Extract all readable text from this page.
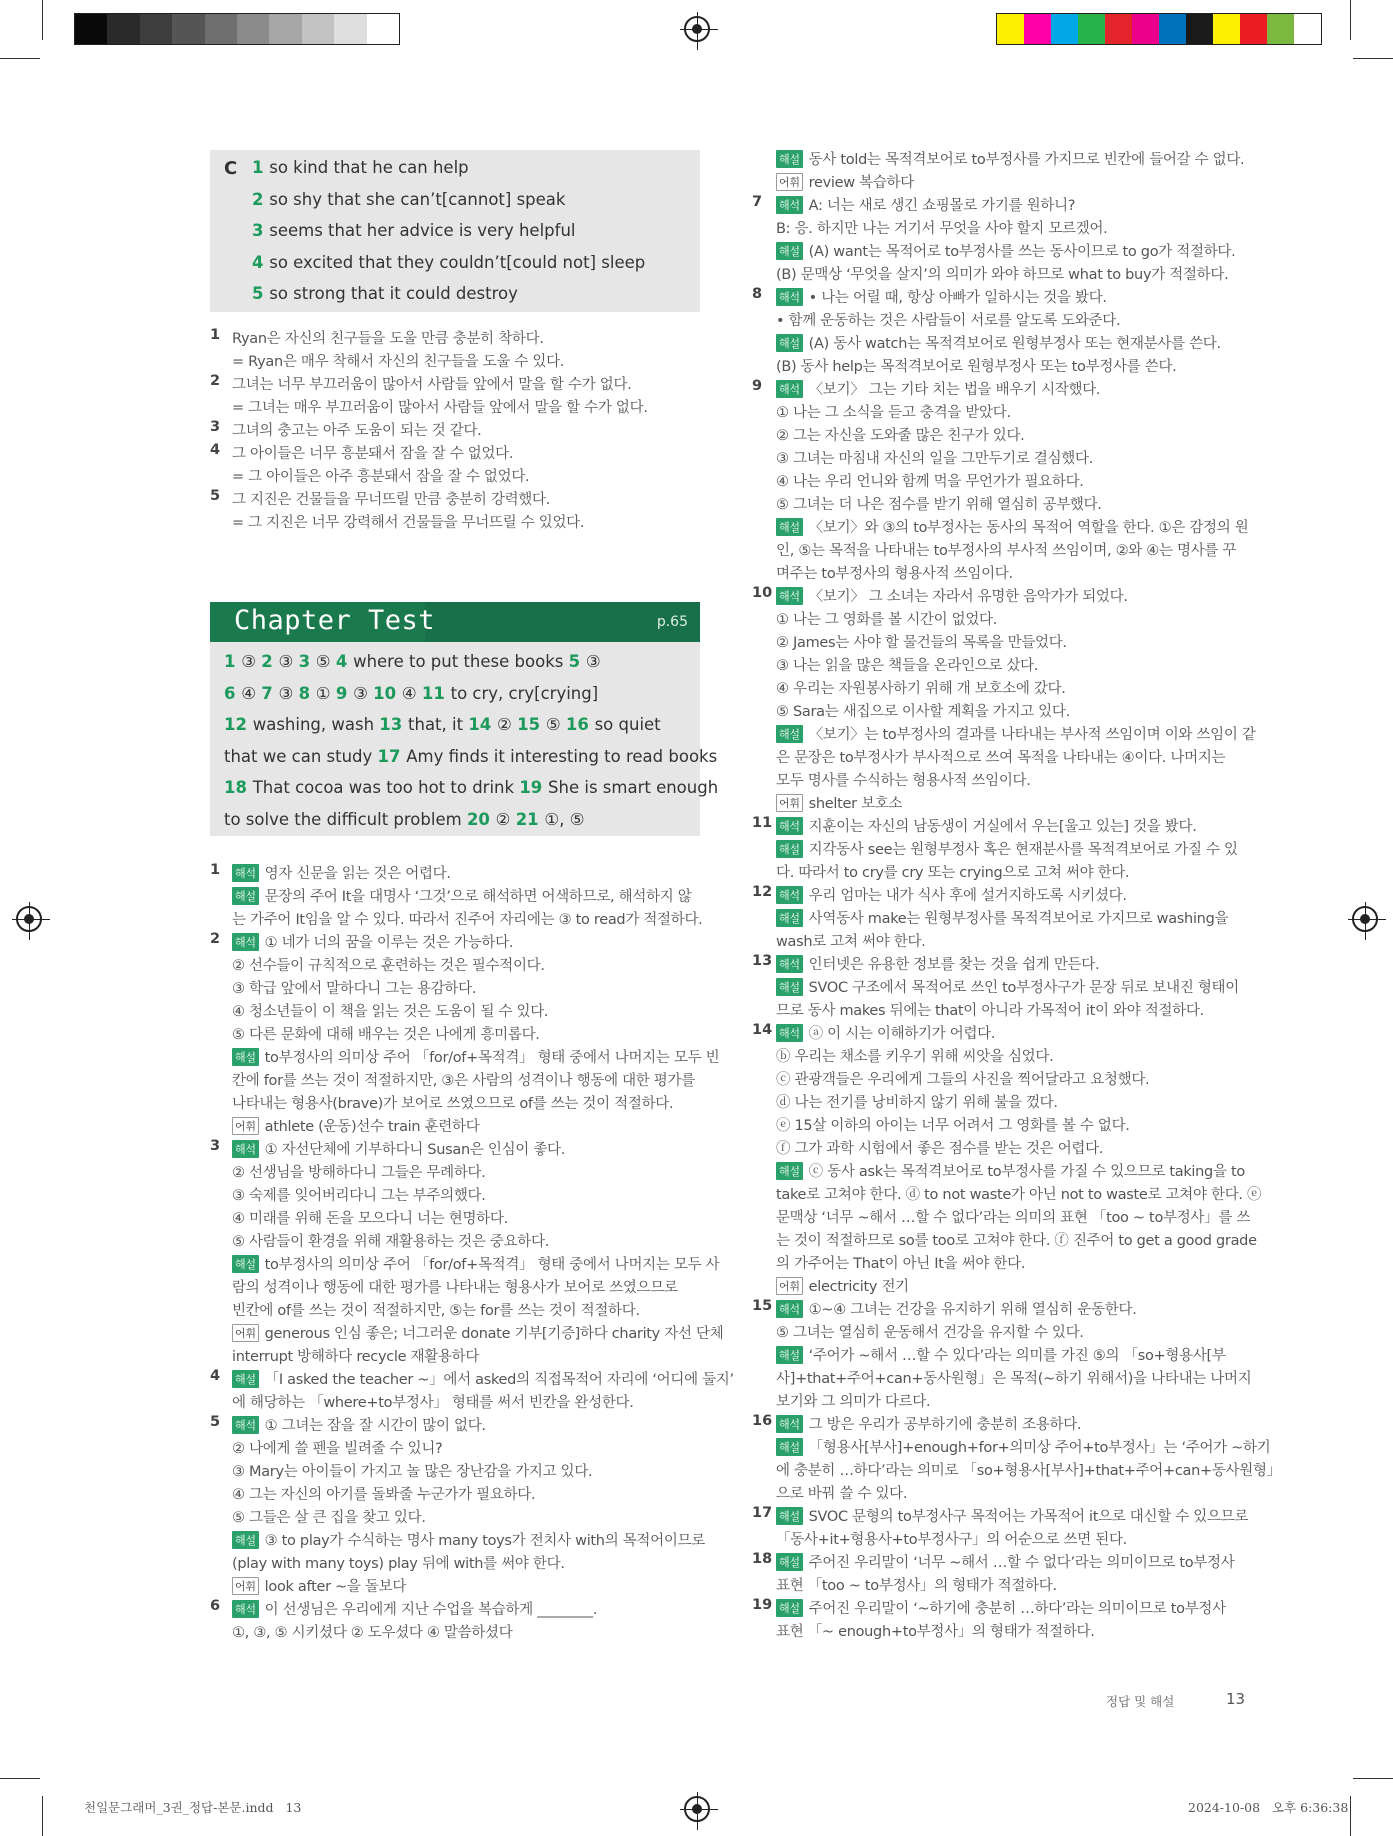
C 1 so kind that he can help
2 so shy that she can’t[cannot] speak
3 seems that her advice is very helpful
4 so excited that they couldn’t[could not] sleep
5 so strong that it could destroy
1 Ryan은 자신의 친구들을 도울 만큼 충분히 착하다.
= Ryan은 매우 착해서 자신의 친구들을 도울 수 있다.
2 그녀는 너무 부끄러움이 많아서 사람들 앞에서 말을 할 수가 없다.
= 그녀는 매우 부끄러움이 많아서 사람들 앞에서 말을 할 수가 없다.
3 그녀의 충고는 아주 도움이 되는 것 같다.
4 그 아이들은 너무 흥분돼서 잠을 잘 수 없었다.
= 그 아이들은 아주 흥분돼서 잠을 잘 수 없었다.
5 그 지진은 건물들을 무너뜨릴 만큼 충분히 강력했다.
= 그 지진은 너무 강력해서 건물들을 무너뜨릴 수 있었다.
Chapter Test	p.65
1 ③ 2 ③ 3 ⑤ 4 where to put these books 5 ③
6 ④ 7 ③ 8 ① 9 ③ 10 ④ 11 to cry, cry[crying]
12 washing, wash 13 that, it 14 ② 15 ⑤ 16 so quiet
that we can study 17 Amy finds it interesting to read books
18 That cocoa was too hot to drink 19 She is smart enough
to solve the difficult problem 20 ② 21 ①, ⑤
1 해석 영자 신문을 읽는 것은 어렵다.
해설 문장의 주어 It을 대명사 ‘그것’으로 해석하면 어색하므로, 해석하지 않
는 가주어 It임을 알 수 있다. 따라서 진주어 자리에는 ③ to read가 적절하다.
2 해석 ① 네가 너의 꿈을 이루는 것은 가능하다.
② 선수들이 규칙적으로 훈련하는 것은 필수적이다.
③ 학급 앞에서 말하다니 그는 용감하다.
④ 청소년들이 이 책을 읽는 것은 도움이 될 수 있다.
⑤ 다른 문화에 대해 배우는 것은 나에게 흥미롭다.
해설 to부정사의 의미상 주어 「for/of+목적격」 형태 중에서 나머지는 모두 빈
칸에 for를 쓰는 것이 적절하지만, ③은 사람의 성격이나 행동에 대한 평가를
나타내는 형용사(brave)가 보어로 쓰였으므로 of를 쓰는 것이 적절하다.
어휘 athlete (운동)선수 train 훈련하다
3 해석 ① 자선단체에 기부하다니 Susan은 인심이 좋다.
② 선생님을 방해하다니 그들은 무례하다.
③ 숙제를 잊어버리다니 그는 부주의했다.
④ 미래를 위해 돈을 모으다니 너는 현명하다.
⑤ 사람들이 환경을 위해 재활용하는 것은 중요하다.
해설 to부정사의 의미상 주어 「for/of+목적격」 형태 중에서 나머지는 모두 사
람의 성격이나 행동에 대한 평가를 나타내는 형용사가 보어로 쓰였으므로
빈칸에 of를 쓰는 것이 적절하지만, ⑤는 for를 쓰는 것이 적절하다.
어휘 generous 인심 좋은; 너그러운 donate 기부[기증]하다 charity 자선 단체
interrupt 방해하다 recycle 재활용하다
4 해설 「I asked the teacher ~」에서 asked의 직접목적어 자리에 ‘어디에 둘지’
에 해당하는 「where+to부정사」 형태를 써서 빈칸을 완성한다.
5 해석 ① 그녀는 잠을 잘 시간이 많이 없다.
② 나에게 쓸 펜을 빌려줄 수 있니?
③ Mary는 아이들이 가지고 놀 많은 장난감을 가지고 있다.
④ 그는 자신의 아기를 돌봐줄 누군가가 필요하다.
⑤ 그들은 살 큰 집을 찾고 있다.
해설 ③ to play가 수식하는 명사 many toys가 전치사 with의 목적어이므로
(play with many toys) play 뒤에 with를 써야 한다.
어휘 look after ~을 돌보다
6 해석 이 선생님은 우리에게 지난 수업을 복습하게 ________.
①, ③, ⑤ 시키셨다 ② 도우셨다 ④ 말씀하셨다
해설 동사 told는 목적격보어로 to부정사를 가지므로 빈칸에 들어갈 수 없다.
어휘 review 복습하다
7 해석 A: 너는 새로 생긴 쇼핑몰로 가기를 원하니?
B: 응. 하지만 나는 거기서 무엇을 사야 할지 모르겠어.
해설 (A) want는 목적어로 to부정사를 쓰는 동사이므로 to go가 적절하다.
(B) 문맥상 ‘무엇을 살지’의 의미가 와야 하므로 what to buy가 적절하다.
8 해석 • 나는 어릴 때, 항상 아빠가 일하시는 것을 봤다.
• 함께 운동하는 것은 사람들이 서로를 알도록 도와준다.
해설 (A) 동사 watch는 목적격보어로 원형부정사 또는 현재분사를 쓴다.
(B) 동사 help는 목적격보어로 원형부정사 또는 to부정사를 쓴다.
9 해석 〈보기〉 그는 기타 치는 법을 배우기 시작했다.
① 나는 그 소식을 듣고 충격을 받았다.
② 그는 자신을 도와줄 많은 친구가 있다.
③ 그녀는 마침내 자신의 일을 그만두기로 결심했다.
④ 나는 우리 언니와 함께 먹을 무언가가 필요하다.
⑤ 그녀는 더 나은 점수를 받기 위해 열심히 공부했다.
해설 〈보기〉와 ③의 to부정사는 동사의 목적어 역할을 한다. ①은 감정의 원
인, ⑤는 목적을 나타내는 to부정사의 부사적 쓰임이며, ②와 ④는 명사를 꾸
며주는 to부정사의 형용사적 쓰임이다.
10 해석 〈보기〉 그 소녀는 자라서 유명한 음악가가 되었다.
① 나는 그 영화를 볼 시간이 없었다.
② James는 사야 할 물건들의 목록을 만들었다.
③ 나는 읽을 많은 책들을 온라인으로 샀다.
④ 우리는 자원봉사하기 위해 개 보호소에 갔다.
⑤ Sara는 새집으로 이사할 계획을 가지고 있다.
해설 〈보기〉는 to부정사의 결과를 나타내는 부사적 쓰임이며 이와 쓰임이 같
은 문장은 to부정사가 부사적으로 쓰여 목적을 나타내는 ④이다. 나머지는
모두 명사를 수식하는 형용사적 쓰임이다.
어휘 shelter 보호소
11 해석 지훈이는 자신의 남동생이 거실에서 우는[울고 있는] 것을 봤다.
해설 지각동사 see는 원형부정사 혹은 현재분사를 목적격보어로 가질 수 있
다. 따라서 to cry를 cry 또는 crying으로 고쳐 써야 한다.
12 해석 우리 엄마는 내가 식사 후에 설거지하도록 시키셨다.
해설 사역동사 make는 원형부정사를 목적격보어로 가지므로 washing을
wash로 고쳐 써야 한다.
13 해석 인터넷은 유용한 정보를 찾는 것을 쉽게 만든다.
해설 SVOC 구조에서 목적어로 쓰인 to부정사구가 문장 뒤로 보내진 형태이
므로 동사 makes 뒤에는 that이 아니라 가목적어 it이 와야 적절하다.
14 해석 ⓐ 이 시는 이해하기가 어렵다.
ⓑ 우리는 채소를 키우기 위해 씨앗을 심었다.
ⓒ 관광객들은 우리에게 그들의 사진을 찍어달라고 요청했다.
ⓓ 나는 전기를 낭비하지 않기 위해 불을 껐다.
ⓔ 15살 이하의 아이는 너무 어려서 그 영화를 볼 수 없다.
ⓕ 그가 과학 시험에서 좋은 점수를 받는 것은 어렵다.
해설 ⓒ 동사 ask는 목적격보어로 to부정사를 가질 수 있으므로 taking을 to
take로 고쳐야 한다. ⓓ to not waste가 아닌 not to waste로 고쳐야 한다. ⓔ
문맥상 ‘너무 ~해서 …할 수 없다’라는 의미의 표현 「too ~ to부정사」를 쓰
는 것이 적절하므로 so를 too로 고쳐야 한다. ⓕ 진주어 to get a good grade
의 가주어는 That이 아닌 It을 써야 한다.
어휘 electricity 전기
15 해석 ①~④ 그녀는 건강을 유지하기 위해 열심히 운동한다.
⑤ 그녀는 열심히 운동해서 건강을 유지할 수 있다.
해설 ‘주어가 ~해서 …할 수 있다’라는 의미를 가진 ⑤의 「so+형용사[부
사]+that+주어+can+동사원형」은 목적(~하기 위해서)을 나타내는 나머지
보기와 그 의미가 다르다.
16 해석 그 방은 우리가 공부하기에 충분히 조용하다.
해설 「형용사[부사]+enough+for+의미상 주어+to부정사」는 ‘주어가 ~하기
에 충분히 …하다’라는 의미로 「so+형용사[부사]+that+주어+can+동사원형」
으로 바꿔 쓸 수 있다.
17 해설 SVOC 문형의 to부정사구 목적어는 가목적어 it으로 대신할 수 있으므로
「동사+it+형용사+to부정사구」의 어순으로 쓰면 된다.
18 해설 주어진 우리말이 ‘너무 ~해서 …할 수 없다’라는 의미이므로 to부정사
표현 「too ~ to부정사」의 형태가 적절하다.
19 해설 주어진 우리말이 ‘~하기에 충분히 …하다’라는 의미이므로 to부정사
표현 「~ enough+to부정사」의 형태가 적절하다.
정답 및 해설	13
천일문그래머_3권_정답-본문.indd   13	2024-10-08   오후 6:36:38
